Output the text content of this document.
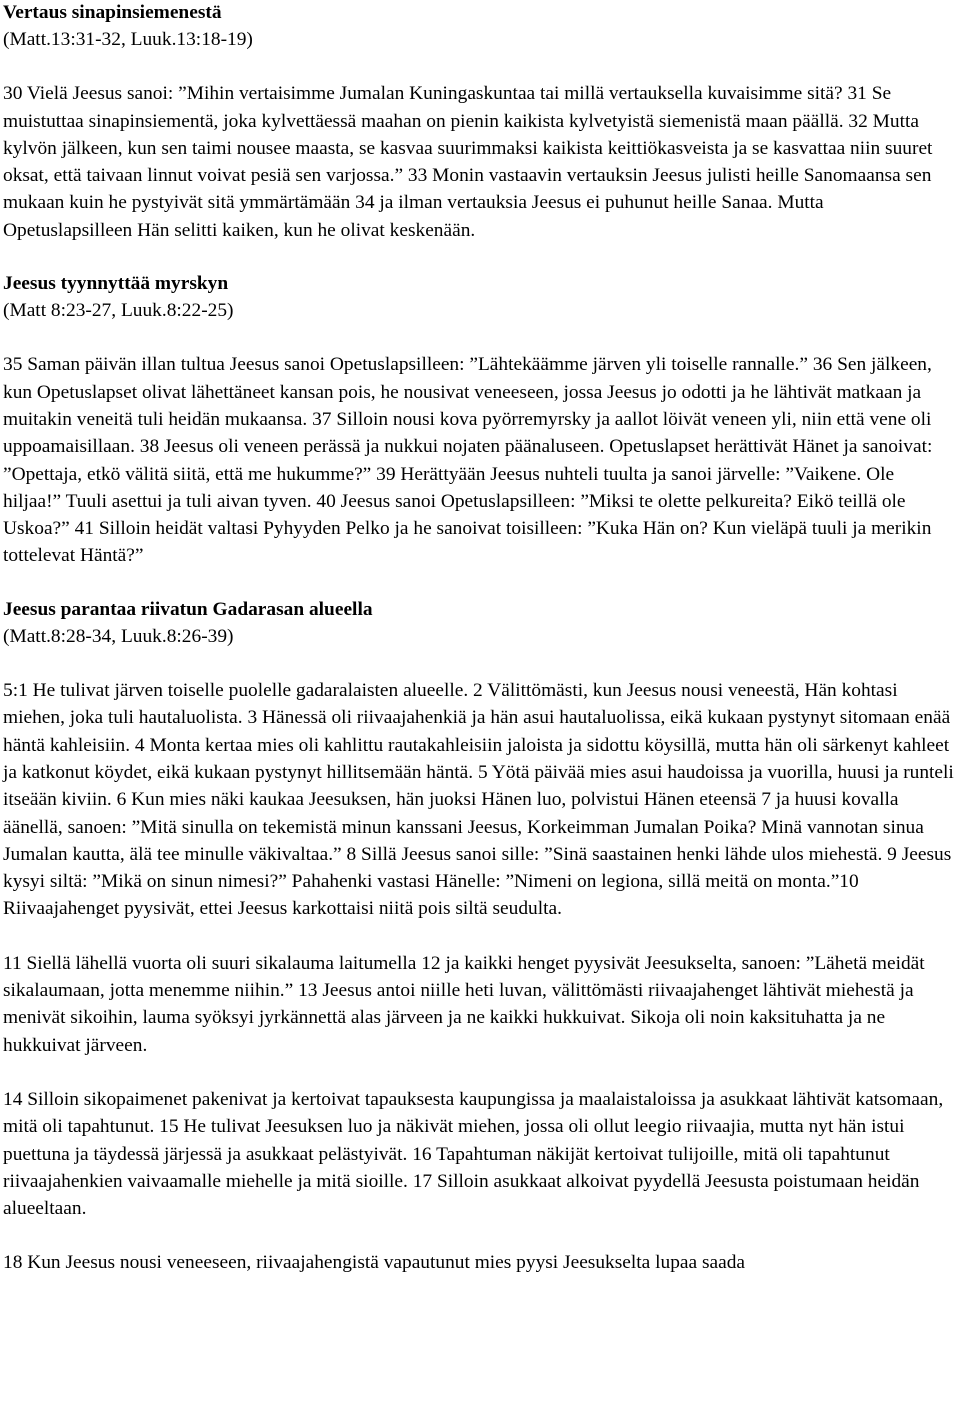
Vertaus sinapinsiemenestä
(Matt.13:31-32, Luuk.13:18-19)
30 Vielä Jeesus sanoi: ”Mihin vertaisimme Jumalan Kuningaskuntaa tai millä vertauksella kuvaisimme sitä? 31 Se muistuttaa sinapinsiementä, joka kylvettäessä maahan on pienin kaikista kylvetyistä siemenistä maan päällä. 32 Mutta kylvön jälkeen, kun sen taimi nousee maasta, se kasvaa suurimmaksi kaikista keittiökasveista ja se kasvattaa niin suuret oksat, että taivaan linnut voivat pesiä sen varjossa.” 33 Monin vastaavin vertauksin Jeesus julisti heille Sanomaansa sen mukaan kuin he pystyivät sitä ymmärtämään 34 ja ilman vertauksia Jeesus ei puhunut heille Sanaa. Mutta Opetuslapsilleen Hän selitti kaiken, kun he olivat keskenään.
Jeesus tyynnyttää myrskyn
(Matt 8:23-27, Luuk.8:22-25)
35 Saman päivän illan tultua Jeesus sanoi Opetuslapsilleen: ”Lähtekäämme järven yli toiselle rannalle.” 36 Sen jälkeen, kun Opetuslapset olivat lähettäneet kansan pois, he nousivat veneeseen, jossa Jeesus jo odotti ja he lähtivät matkaan ja muitakin veneitä tuli heidän mukaansa. 37 Silloin nousi kova pyörremyrsky ja aallot löivät veneen yli, niin että vene oli uppoamaisillaan. 38 Jeesus oli veneen perässä ja nukkui nojaten päänaluseen. Opetuslapset herättivät Hänet ja sanoivat: ”Opettaja, etkö välitä siitä, että me hukumme?” 39 Herättyään Jeesus nuhteli tuulta ja sanoi järvelle: ”Vaikene. Ole hiljaa!” Tuuli asettui ja tuli aivan tyven. 40 Jeesus sanoi Opetuslapsilleen: ”Miksi te olette pelkureita? Eikö teillä ole Uskoa?” 41 Silloin heidät valtasi Pyhyyden Pelko ja he sanoivat toisilleen: ”Kuka Hän on? Kun vieläpä tuuli ja merikin tottelevat Häntä?”
Jeesus parantaa riivatun Gadarasan alueella
(Matt.8:28-34, Luuk.8:26-39)
5:1 He tulivat järven toiselle puolelle gadaralaisten alueelle. 2 Välittömästi, kun Jeesus nousi veneestä, Hän kohtasi miehen, joka tuli hautaluolista. 3 Hänessä oli riivaajahenkiä ja hän asui hautaluolissa, eikä kukaan pystynyt sitomaan enää häntä kahleisiin. 4 Monta kertaa mies oli kahlittu rautakahleisiin jaloista ja sidottu köysillä, mutta hän oli särkenyt kahleet ja katkonut köydet, eikä kukaan pystynyt hillitsemään häntä. 5 Yötä päivää mies asui haudoissa ja vuorilla, huusi ja runteli itseään kiviin. 6 Kun mies näki kaukaa Jeesuksen, hän juoksi Hänen luo, polvistui Hänen eteensä 7 ja huusi kovalla äänellä, sanoen: ”Mitä sinulla on tekemistä minun kanssani Jeesus, Korkeimman Jumalan Poika? Minä vannotan sinua Jumalan kautta, älä tee minulle väkivaltaa.” 8 Sillä Jeesus sanoi sille: ”Sinä saastainen henki lähde ulos miehestä. 9 Jeesus kysyi siltä: ”Mikä on sinun nimesi?” Pahahenki vastasi Hänelle: ”Nimeni on legiona, sillä meitä on monta.”10 Riivaajahenget pyysivät, ettei Jeesus karkottaisi niitä pois siltä seudulta.
11 Siellä lähellä vuorta oli suuri sikalauma laitumella 12 ja kaikki henget pyysivät Jeesukselta, sanoen: ”Lähetä meidät sikalaumaan, jotta menemme niihin.” 13 Jeesus antoi niille heti luvan, välittömästi riivaajahenget lähtivät miehestä ja menivät sikoihin, lauma syöksyi jyrkännettä alas järveen ja ne kaikki hukkuivat. Sikoja oli noin kaksituhatta ja ne hukkuivat järveen.
14 Silloin sikopaimenet pakenivat ja kertoivat tapauksesta kaupungissa ja maalaistaloissa ja asukkaat lähtivät katsomaan, mitä oli tapahtunut. 15 He tulivat Jeesuksen luo ja näkivät miehen, jossa oli ollut leegio riivaajia, mutta nyt hän istui puettuna ja täydessä järjessä ja asukkaat pelästyivät. 16 Tapahtuman näkijät kertoivat tulijoille, mitä oli tapahtunut riivaajahenkien vaivaamalle miehelle ja mitä sioille. 17 Silloin asukkaat alkoivat pyydellä Jeesusta poistumaan heidän alueeltaan.
18 Kun Jeesus nousi veneeseen, riivaajahengistä vapautunut mies pyysi Jeesukselta lupaa saada
